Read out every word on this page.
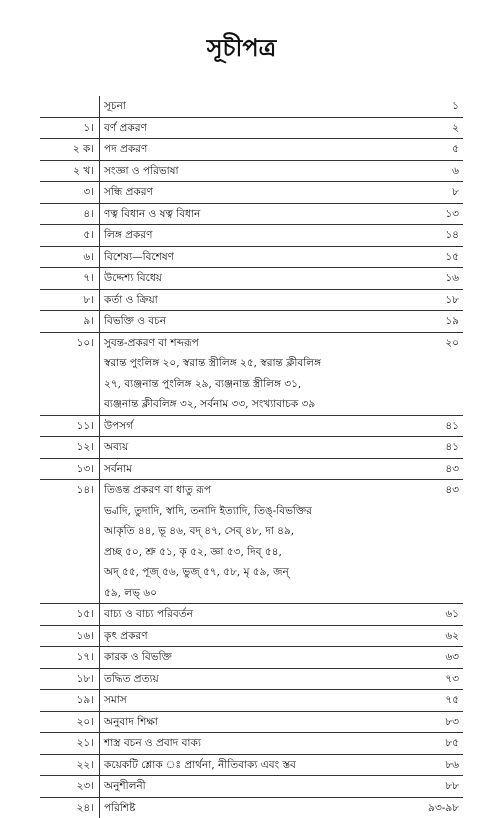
সূচীপত্র
সূচনা	১
১। বর্ণ প্রকরণ	২
২ ক। পদ প্রকরণ	৫
২ খ। সংজ্ঞা ও পরিভাষা	৬
৩। সন্ধি প্রকরণ	৮
৪। ণত্ব বিধান ও ষত্ব বিধান	১৩
৫। লিঙ্গ প্রকরণ	১৪
৬। বিশেষ্য—বিশেষণ	১৫
৭। উদ্দেশ্য বিধেয়	১৬
৮। কর্তা ও ক্রিয়া	১৮
৯। বিভক্তি ও বচন	১৯
১০। সুবন্ত-প্রকরণ বা শব্দরূপ	২০
স্বরান্ত পুংলিঙ্গ ২০, স্বরান্ত স্ত্রীলিঙ্গ ২৫, স্বরান্ত ক্লীবলিঙ্গ
২৭, ব্যঞ্জনান্ত পুংলিঙ্গ ২৯, ব্যঞ্জনান্ত স্ত্রীলিঙ্গ ৩১,
ব্যঞ্জনান্ত ক্লীবলিঙ্গ ৩২, সর্বনাম ৩৩, সংখ্যাবাচক ৩৯
১১। উপসর্গ	৪১
১২। অব্যয়	৪১
১৩। সর্বনাম	৪৩
১৪। তিঙন্ত প্রকরণ বা ধাতু রূপ	৪৩
ভ্বাদি, তুদাদি, স্বাদি, তনাদি ইত্যাদি, তিঙ্-বিভক্তির
আকৃতি ৪৪, ভূ ৪৬, বদ্ ৪৭, সেব্ ৪৮, দা ৪৯,
প্রচ্ছ ৫০, শ্রু ৫১, কৃ ৫২, জ্ঞা ৫৩, দিব্ ৫৪,
অদ্ ৫৫, পূজ্ ৫৬, ভুজ্ ৫৭, ৫৮, মৃ ৫৯, জন্
৫৯, লভ্ ৬০
১৫। বাচ্য ও বাচ্য পরিবর্তন	৬১
১৬। কৃৎ প্রকরণ	৬২
১৭। কারক ও বিভক্তি	৬৩
১৮। তদ্ধিত প্রত্যয়	৭৩
১৯। সমাস	৭৫
২০। অনুবাদ শিক্ষা	৮৩
২১। শাস্ত্র বচন ও প্রবাদ বাক্য	৮৫
২২। কয়েকটি শ্লোক ঃ প্রার্থনা, নীতিবাক্য এবং স্তব	৮৬
২৩। অনুশীলনী	৮৮
২৪। পরিশিষ্ট	৯৩-৯৮
